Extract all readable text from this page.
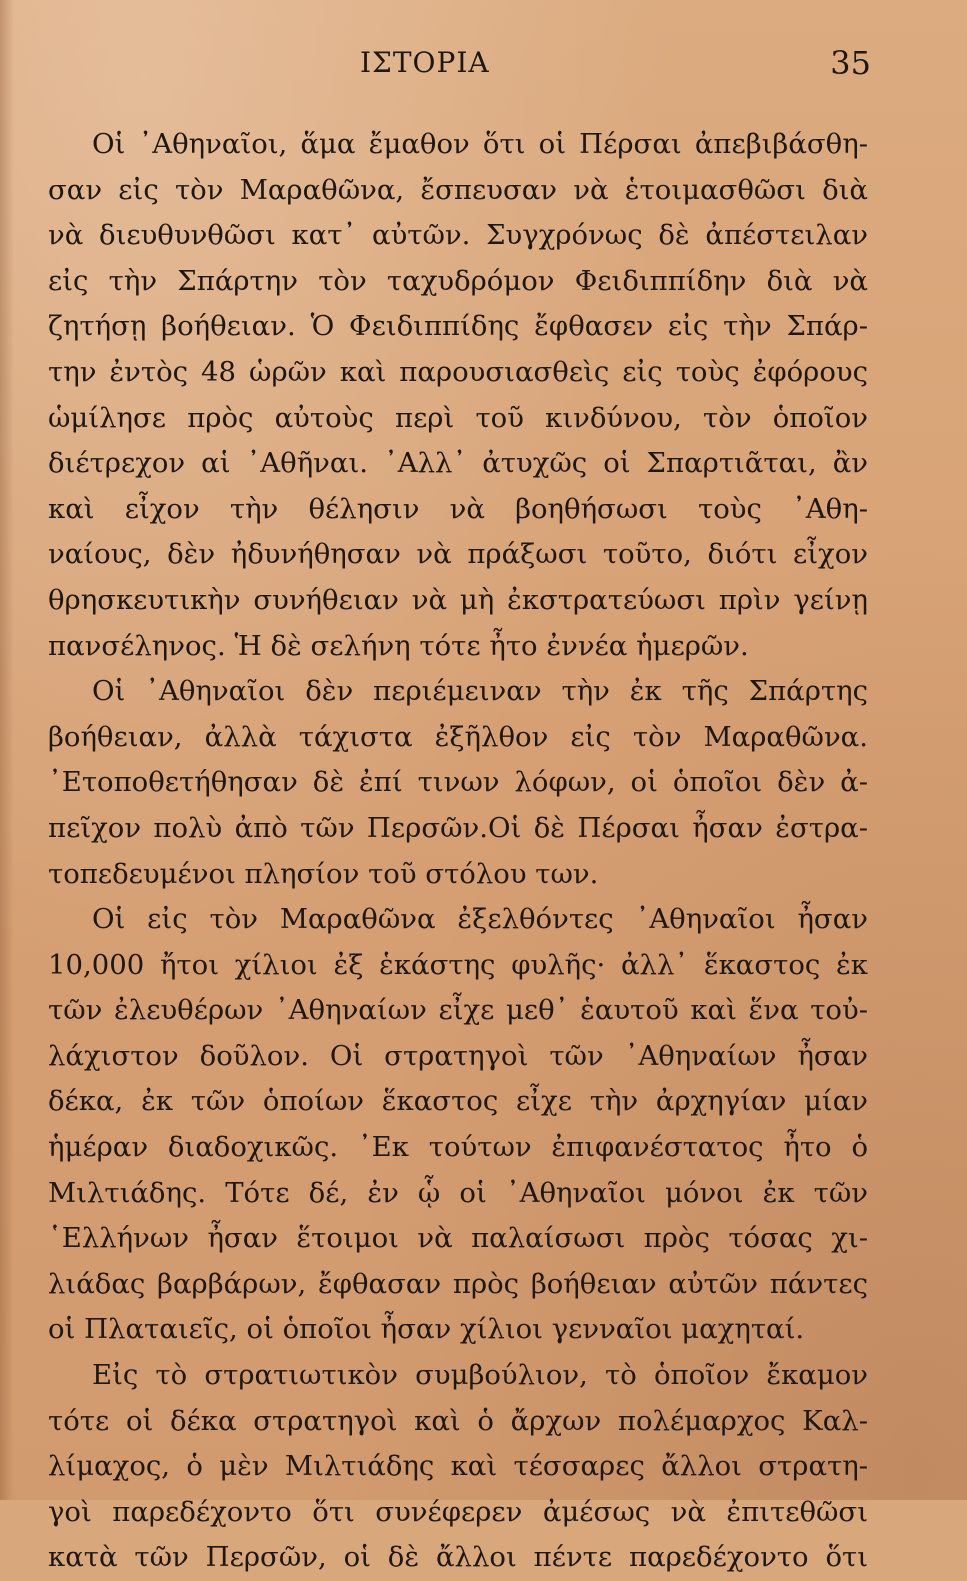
ΙΣΤΟΡΙΑ	35
Οἱ ᾿Αθηναῖοι, ἅμα ἔμαθον ὅτι οἱ Πέρσαι ἀπεβιβάσθη-
σαν εἰς τὸν Μαραθῶνα, ἔσπευσαν νὰ ἑτοιμασθῶσι διὰ
νὰ διευθυνθῶσι κατ᾿ αὐτῶν. Συγχρόνως δὲ ἀπέστειλαν
εἰς τὴν Σπάρτην τὸν ταχυδρόμον Φειδιππίδην διὰ νὰ
ζητήσῃ βοήθειαν. Ὁ Φειδιππίδης ἔφθασεν εἰς τὴν Σπάρ-
την ἐντὸς 48 ὡρῶν καὶ παρουσιασθεὶς εἰς τοὺς ἐφόρους
ὡμίλησε πρὸς αὐτοὺς περὶ τοῦ κινδύνου, τὸν ὁποῖον
διέτρεχον αἱ ᾿Αθῆναι. ᾿Αλλ᾿ ἀτυχῶς οἱ Σπαρτιᾶται, ἂν
καὶ εἶχον τὴν θέλησιν νὰ βοηθήσωσι τοὺς ᾿Αθη-
ναίους, δὲν ἠδυνήθησαν νὰ πράξωσι τοῦτο, διότι εἶχον
θρησκευτικὴν συνήθειαν νὰ μὴ ἐκστρατεύωσι πρὶν γείνῃ
πανσέληνος. Ἡ δὲ σελήνη τότε ἦτο ἐννέα ἡμερῶν.
Οἱ ᾿Αθηναῖοι δὲν περιέμειναν τὴν ἐκ τῆς Σπάρτης
βοήθειαν, ἀλλὰ τάχιστα ἐξῆλθον εἰς τὸν Μαραθῶνα.
᾿Ετοποθετήθησαν δὲ ἐπί τινων λόφων, οἱ ὁποῖοι δὲν ἀ-
πεῖχον πολὺ ἀπὸ τῶν Περσῶν.Οἱ δὲ Πέρσαι ἦσαν ἐστρα-
τοπεδευμένοι πλησίον τοῦ στόλου των.
Οἱ εἰς τὸν Μαραθῶνα ἐξελθόντες ᾿Αθηναῖοι ἦσαν
10,000 ἤτοι χίλιοι ἐξ ἑκάστης φυλῆς· ἀλλ᾿ ἕκαστος ἐκ
τῶν ἐλευθέρων ᾿Αθηναίων εἶχε μεθ᾿ ἑαυτοῦ καὶ ἕνα τοὐ-
λάχιστον δοῦλον. Οἱ στρατηγοὶ τῶν ᾿Αθηναίων ἦσαν
δέκα, ἐκ τῶν ὁποίων ἕκαστος εἶχε τὴν ἀρχηγίαν μίαν
ἡμέραν διαδοχικῶς. ᾿Εκ τούτων ἐπιφανέστατος ἦτο ὁ
Μιλτιάδης. Τότε δέ, ἐν ᾧ οἱ ᾿Αθηναῖοι μόνοι ἐκ τῶν
῾Ελλήνων ἦσαν ἕτοιμοι νὰ παλαίσωσι πρὸς τόσας χι-
λιάδας βαρβάρων, ἔφθασαν πρὸς βοήθειαν αὐτῶν πάντες
οἱ Πλαταιεῖς, οἱ ὁποῖοι ἦσαν χίλιοι γενναῖοι μαχηταί.
Εἰς τὸ στρατιωτικὸν συμβούλιον, τὸ ὁποῖον ἔκαμον
τότε οἱ δέκα στρατηγοὶ καὶ ὁ ἄρχων πολέμαρχος Καλ-
λίμαχος, ὁ μὲν Μιλτιάδης καὶ τέσσαρες ἄλλοι στρατη-
γοὶ παρεδέχοντο ὅτι συνέφερεν ἀμέσως νὰ ἐπιτεθῶσι
κατὰ τῶν Περσῶν, οἱ δὲ ἄλλοι πέντε παρεδέχοντο ὅτι
